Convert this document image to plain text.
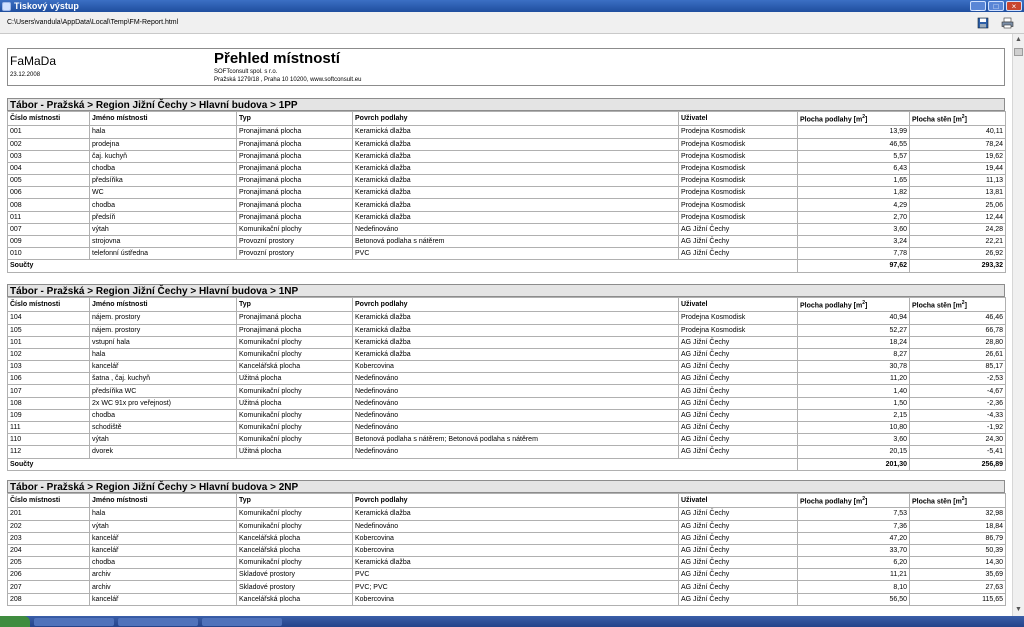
Tiskový výstup	_	□	×
C:\Users\vandula\AppData\Local\Temp\FM-Report.html
FaMaDa
23.12.2008
Přehled místností
SOFTconsult spol. s r.o.
Pražská 1279/18 , Praha 10 10200, www.softconsult.eu
Tábor - Pražská > Region Jižní Čechy > Hlavní budova > 1PP
Číslo místnosti	Jméno místnosti	Typ	Povrch podlahy	Uživatel	Plocha podlahy $[m^2]$	Plocha stěn $[m^2]$
001	hala	Pronajímaná plocha	Keramická dlažba	Prodejna Kosmodisk	13,99	40,11
002	prodejna	Pronajímaná plocha	Keramická dlažba	Prodejna Kosmodisk	46,55	78,24
003	čaj. kuchyň	Pronajímaná plocha	Keramická dlažba	Prodejna Kosmodisk	5,57	19,62
004	chodba	Pronajímaná plocha	Keramická dlažba	Prodejna Kosmodisk	6,43	19,44
005	předsíňka	Pronajímaná plocha	Keramická dlažba	Prodejna Kosmodisk	1,65	11,13
006	WC	Pronajímaná plocha	Keramická dlažba	Prodejna Kosmodisk	1,82	13,81
008	chodba	Pronajímaná plocha	Keramická dlažba	Prodejna Kosmodisk	4,29	25,06
011	předsíň	Pronajímaná plocha	Keramická dlažba	Prodejna Kosmodisk	2,70	12,44
007	výtah	Komunikační plochy	Nedefinováno	AG Jižní Čechy	3,60	24,28
009	strojovna	Provozní prostory	Betonová podlaha s nátěrem	AG Jižní Čechy	3,24	22,21
010	telefonní ústředna	Provozní prostory	PVC	AG Jižní Čechy	7,78	26,92
Součty					97,62	293,32
Tábor - Pražská > Region Jižní Čechy > Hlavní budova > 1NP
Číslo místnosti	Jméno místnosti	Typ	Povrch podlahy	Uživatel	Plocha podlahy $[m^2]$	Plocha stěn $[m^2]$
104	nájem. prostory	Pronajímaná plocha	Keramická dlažba	Prodejna Kosmodisk	40,94	46,46
105	nájem. prostory	Pronajímaná plocha	Keramická dlažba	Prodejna Kosmodisk	52,27	66,78
101	vstupní hala	Komunikační plochy	Keramická dlažba	AG Jižní Čechy	18,24	28,80
102	hala	Komunikační plochy	Keramická dlažba	AG Jižní Čechy	8,27	26,61
103	kancelář	Kancelářská plocha	Kobercovina	AG Jižní Čechy	30,78	85,17
106	šatna , čaj. kuchyň	Užitná plocha	Nedefinováno	AG Jižní Čechy	11,20	-2,53
107	předsíňka WC	Komunikační plochy	Nedefinováno	AG Jižní Čechy	1,40	-4,67
108	2x WC 91x pro veřejnost)	Užitná plocha	Nedefinováno	AG Jižní Čechy	1,50	-2,36
109	chodba	Komunikační plochy	Nedefinováno	AG Jižní Čechy	2,15	-4,33
111	schodiště	Komunikační plochy	Nedefinováno	AG Jižní Čechy	10,80	-1,92
110	výtah	Komunikační plochy	Betonová podlaha s nátěrem; Betonová podlaha s nátěrem	AG Jižní Čechy	3,60	24,30
112	dvorek	Užitná plocha	Nedefinováno	AG Jižní Čechy	20,15	-5,41
Součty					201,30	256,89
Tábor - Pražská > Region Jižní Čechy > Hlavní budova > 2NP
Číslo místnosti	Jméno místnosti	Typ	Povrch podlahy	Uživatel	Plocha podlahy $[m^2]$	Plocha stěn $[m^2]$
201	hala	Komunikační plochy	Keramická dlažba	AG Jižní Čechy	7,53	32,98
202	výtah	Komunikační plochy	Nedefinováno	AG Jižní Čechy	7,36	18,84
203	kancelář	Kancelářská plocha	Kobercovina	AG Jižní Čechy	47,20	86,79
204	kancelář	Kancelářská plocha	Kobercovina	AG Jižní Čechy	33,70	50,39
205	chodba	Komunikační plochy	Keramická dlažba	AG Jižní Čechy	6,20	14,30
206	archiv	Skladové prostory	PVC	AG Jižní Čechy	11,21	35,69
207	archiv	Skladové prostory	PVC; PVC	AG Jižní Čechy	8,10	27,63
208	kancelář	Kancelářská plocha	Kobercovina	AG Jižní Čechy	56,50	115,65
▲
▼
